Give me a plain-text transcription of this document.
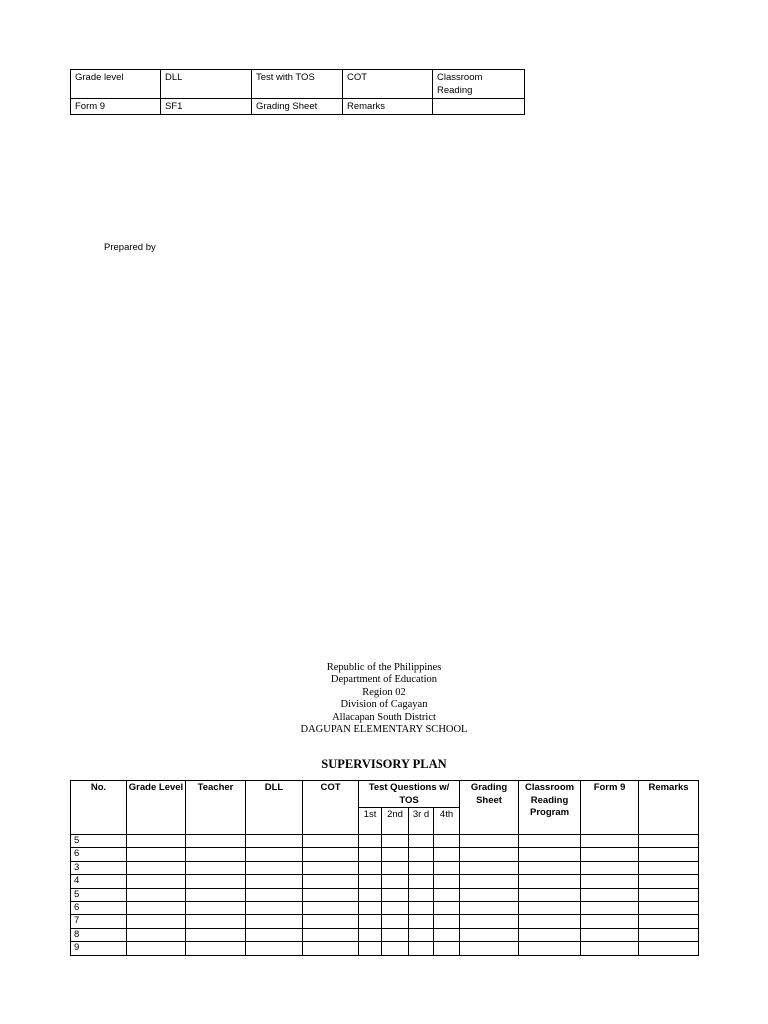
Grade level	DLL	Test with TOS	COT	Classroom Reading
Form 9	SF1	Grading Sheet	Remarks	
Prepared by
Republic of the Philippines
Department of Education
Region 02
Division of Cagayan
Allacapan South District
DAGUPAN ELEMENTARY SCHOOL
SUPERVISORY PLAN
No.	Grade Level	Teacher	DLL	COT	Test Questions w/ TOS				Grading Sheet	Classroom Reading Program	Form 9	Remarks
					1st	2nd	3r d	4th				
5												
6												
3												
4												
5												
6												
7												
8												
9												
